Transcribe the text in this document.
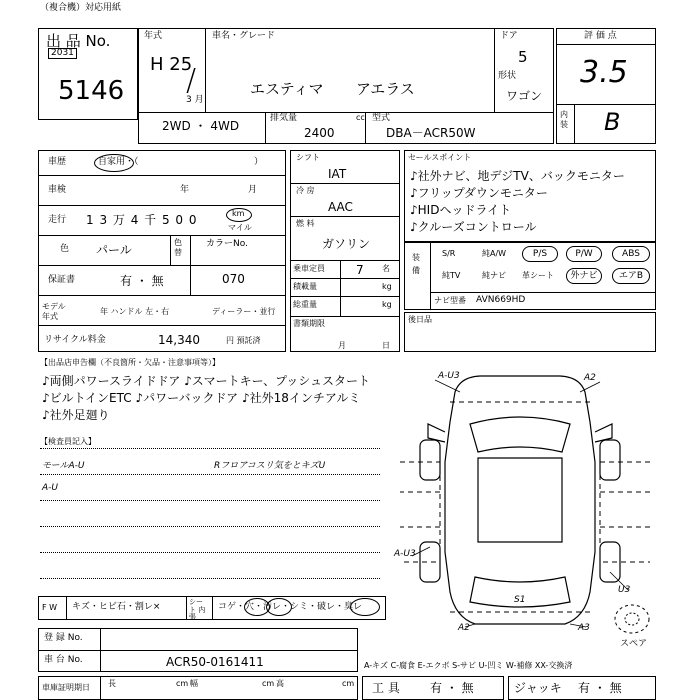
（複合機）対応用紙
出 品 No.
2031
5146
年式
H 25
/
3 月
車名・グレード
エスティマ アエラス
ドア
5
形状
ワゴン
2WD ・ 4WD
排気量	cc
2400
型式
DBA－ACR50W
評 価 点
3.5
内装 B
車歴	自家用・（	）
車検	年	月
走行 1 3 万 4 千 5 0 0	km
マイル
色 パール
色 替
カラーNo.
070
保証書	有 ・ 無
モデル 年式
年 ハンドル 左・右	ディーラー・並行
リサイクル料金	14,340	円 預託済
シフト
IAT
冷 房
AAC
燃 料
ガソリン
乗車定員	7 名
積載量	kg
総重量	kg
書類期限
月	日
セールスポイント
♪社外ナビ、地デジTV、バックモニター
♪フリップダウンモニター
♪HIDヘッドライト
♪クルーズコントロール
装 備
S/R	純A/W	P/S	P/W	ABS
純TV	純ナビ 革シート	外ナビ	エアB
ナビ型番 AVN669HD
後日品
【出品店申告欄（不良箇所・欠品・注意事項等）】
♪両側パワースライドドア ♪スマートキー、プッシュスタート
♪ビルトインETC ♪パワーバックドア ♪社外18インチアルミ
♪社外足廻り
【検査員記入】
モールA-U	Rフロアコスリ気をとキズU
A-U
A-U3	A2
A-U3
U3
S1
A2	A3
スペア
F W キズ・ヒビ石・割レ×	シート 内 張
コゲ・穴・汚レ・シミ・破レ・臭レ
登 録 No.
車 台 No.	ACR50-0161411	A-キズ C-腐食 E-エクボ S-サビ U-凹ミ W-補修 XX-交換済
車庫証明期日 長	cm 幅	cm 高	cm 工 具	有 ・ 無	ジャッキ 有 ・ 無
